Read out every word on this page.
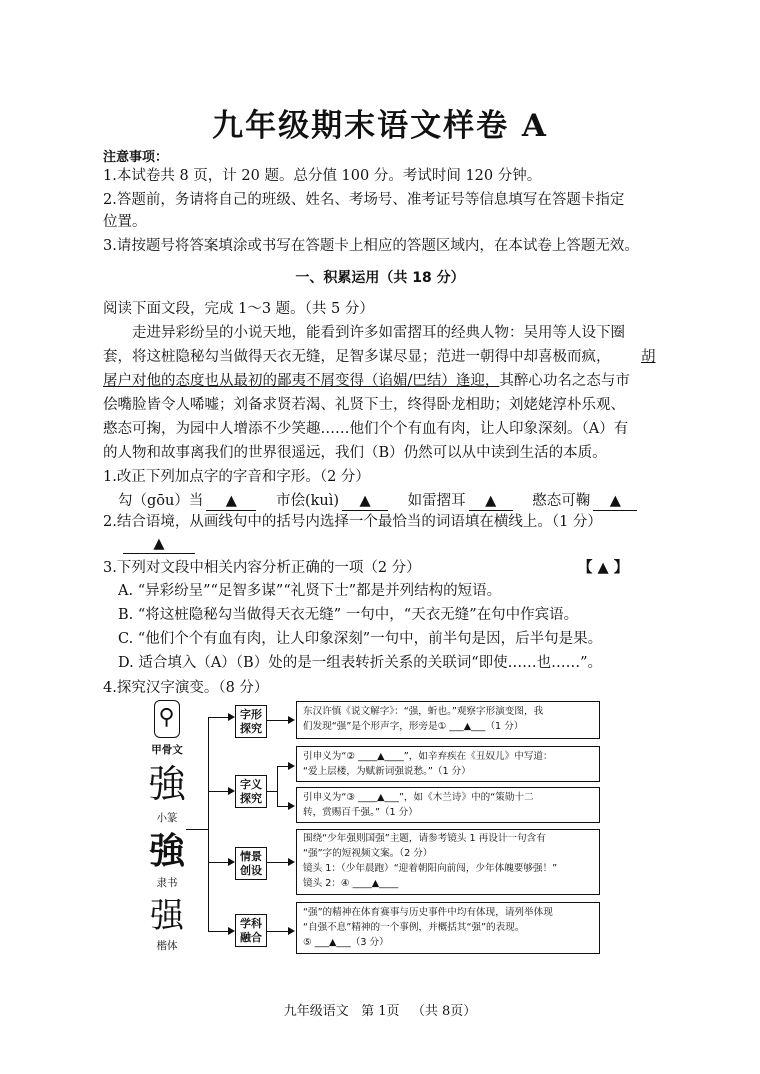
九年级期末语文样卷 A
注意事项：
1.本试卷共 8 页，计 20 题。总分值 100 分。考试时间 120 分钟。
2.答题前，务请将自己的班级、姓名、考场号、准考证号等信息填写在答题卡指定
位置。
3.请按题号将答案填涂或书写在答题卡上相应的答题区域内，在本试卷上答题无效。
一、积累运用（共 18 分）
阅读下面文段，完成 1～3 题。（共 5 分）
走进异彩纷呈的小说天地，能看到许多如雷摺耳的经典人物：吴用等人设下圈
套，将这桩隐秘勾当做得天衣无缝，足智多谋尽显；范进一朝得中却喜极而疯， 胡
屠户对他的态度也从最初的鄙夷不屑变得（谄媚/巴结）逢迎，其醉心功名之态与市
侩嘴脸皆令人唏嘘；刘备求贤若渴、礼贤下士，终得卧龙相助；刘姥姥淳朴乐观、
憨态可掬，为园中人增添不少笑趣……他们个个有血有肉，让人印象深刻。（A）有
的人物和故事离我们的世界很遥远，我们（B）仍然可以从中读到生活的本质。
1.改正下列加点字的字音和字形。（2 分）
勾（gōu）当 ▲	市侩(kuì) ▲	如雷摺耳 ▲ 憨态可鞠 ▲
2.结合语境，从画线句中的括号内选择一个最恰当的词语填在横线上。（1 分）
▲
3.下列对文段中相关内容分析正确的一项（2 分）	【 ▲ 】
A. “异彩纷呈”“足智多谋”“礼贤下士”都是并列结构的短语。
B. “将这桩隐秘勾当做得天衣无缝” 一句中，“天衣无缝”在句中作宾语。
C. “他们个个有血有肉，让人印象深刻”一句中，前半句是因，后半句是果。
D. 适合填入（A）（B）处的是一组表转折关系的关联词“即使……也……”。
4.探究汉字演变。（8 分）
⚲
甲骨文
強
小篆
強
隶书
强
楷体
字形
探究
字义
探究
情景
创设
学科
融合
东汉许慎《说文解字》：“强，蚚也。”观察字形演变图，我
们发现“强”是个形声字，形旁是① ___▲___（1 分）
引申义为“② ____▲____”，如辛弃疾在《丑奴儿》中写道：
“爱上层楼，为赋新词强说愁。”（1 分）
引申义为“③ ____▲___”，如《木兰诗》中的“策勋十二
转，赏赐百千强。”（1 分）
围绕“少年强则国强”主题，请参考镜头 1 再设计一句含有
“强”字的短视频文案。（2 分）
镜头 1：（少年晨跑）“迎着朝阳向前闯，少年体魄要够强！”
镜头 2：④ ____▲____
“强”的精神在体育赛事与历史事件中均有体现，请列举体现
“自强不息”精神的一个事例，并概括其“强”的表现。
⑤ ___▲___（3 分）
九年级语文   第 1页   （共 8页）
